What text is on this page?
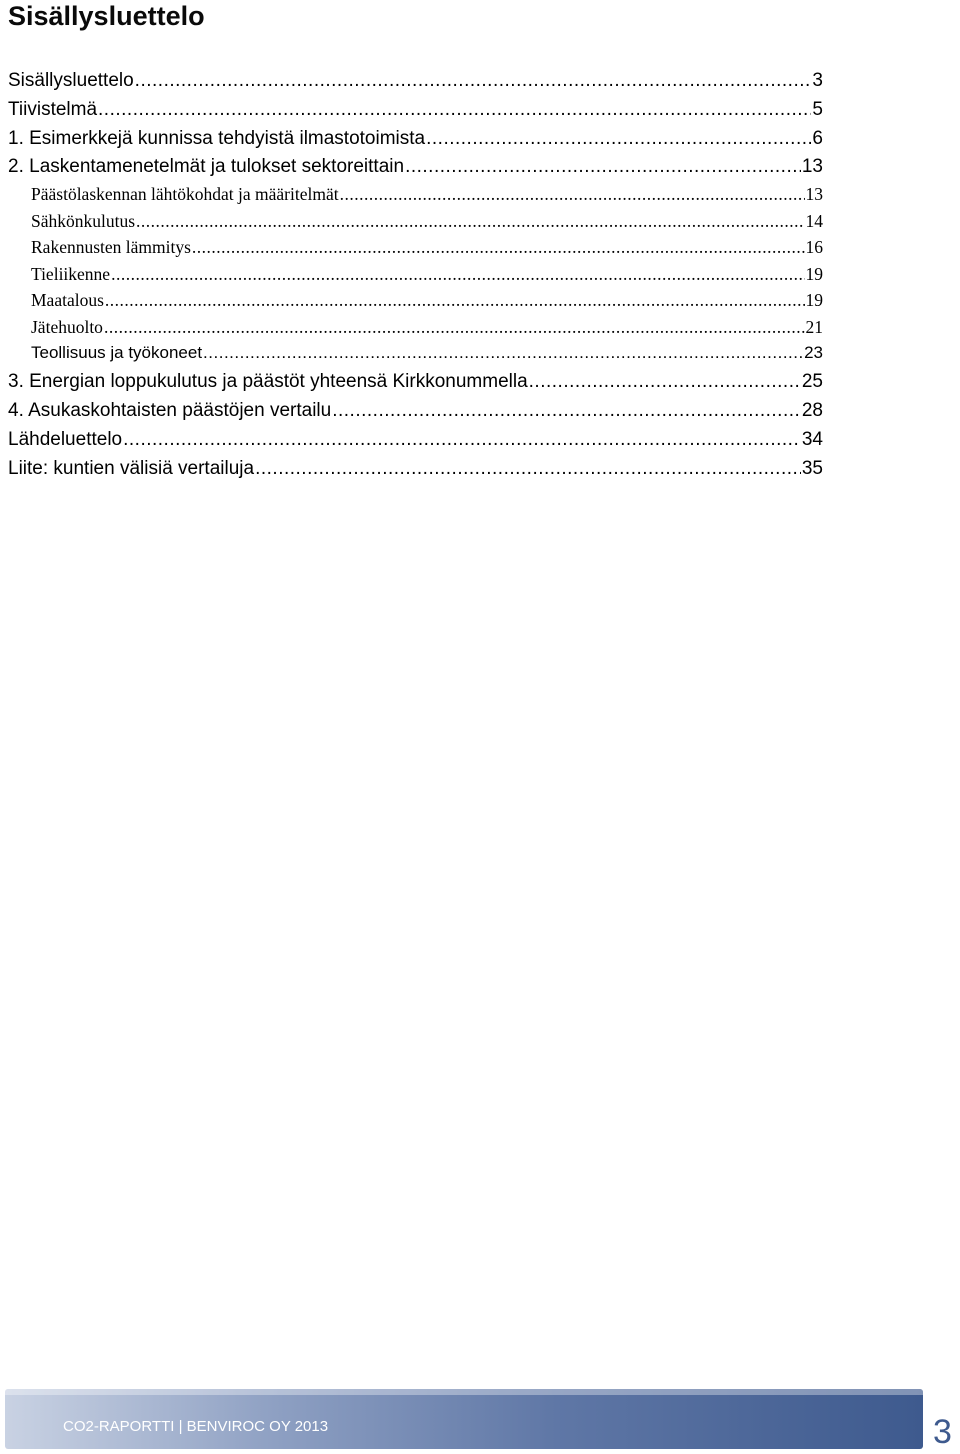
Sisällysluettelo
Sisällysluettelo .....	3
Tiivistelmä .....	5
1. Esimerkkejä kunnissa tehdyistä ilmastotoimista .....	6
2. Laskentamenetelmät ja tulokset sektoreittain .....	13
Päästölaskennan lähtökohdat ja määritelmät .....	13
Sähkönkulutus .....	14
Rakennusten lämmitys .....	16
Tieliikenne .....	19
Maatalous .....	19
Jätehuolto .....	21
Teollisuus ja työkoneet .....	23
3. Energian loppukulutus ja päästöt yhteensä Kirkkonummella .....	25
4. Asukaskohtaisten päästöjen vertailu .....	28
Lähdeluettelo .....	34
Liite: kuntien välisiä vertailuja .....	35
CO2-RAPORTTI | BENVIROC OY 2013	3
